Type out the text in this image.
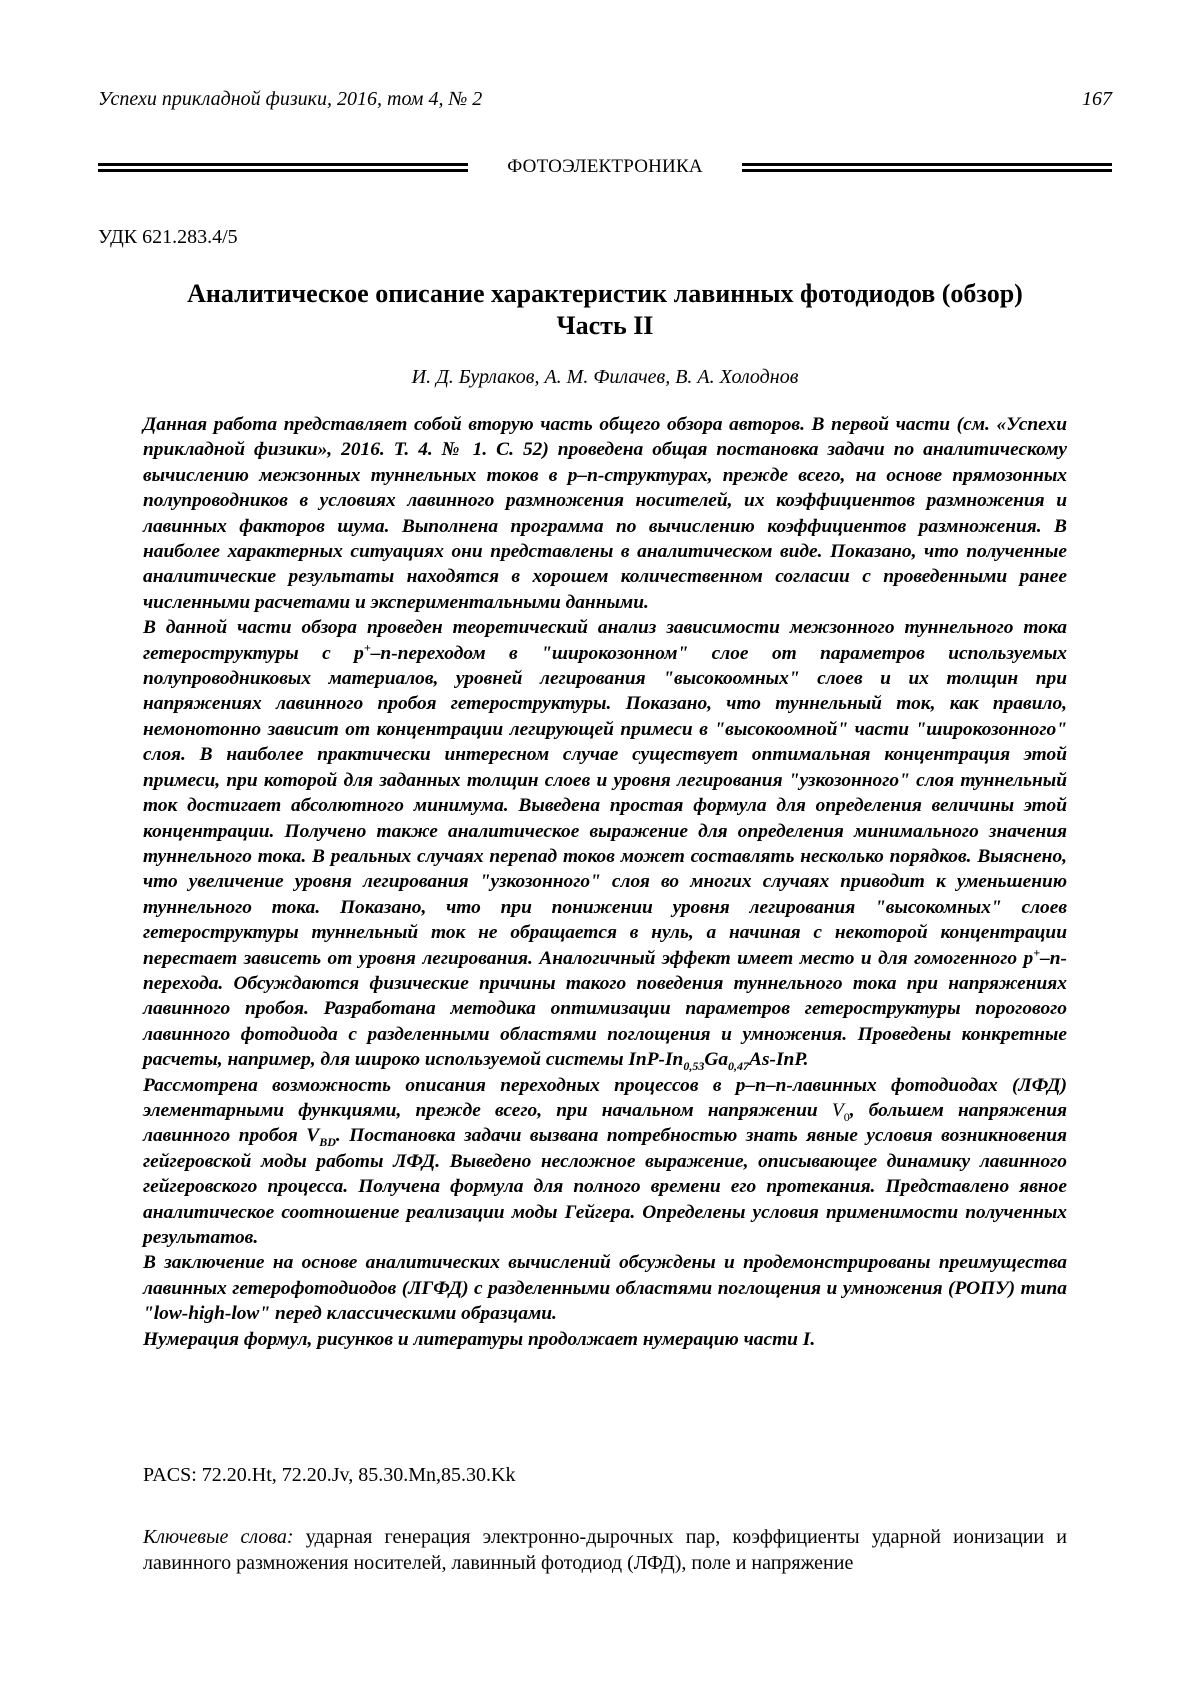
Успехи прикладной физики, 2016, том 4, № 2	167
ФОТОЭЛЕКТРОНИКА
УДК 621.283.4/5
Аналитическое описание характеристик лавинных фотодиодов (обзор)
Часть II
И. Д. Бурлаков, А. М. Филачев, В. А. Холоднов

Данная работа представляет собой вторую часть общего обзора авторов. В первой части (см. «Успехи прикладной физики», 2016. Т. 4. № 1. С. 52) проведена общая постановка задачи по аналитическому вычислению межзонных туннельных токов в p–n-структурах, прежде всего, на основе прямозонных полупроводников в условиях лавинного размножения носителей, их коэффициентов размножения и лавинных факторов шума. Выполнена программа по вычислению коэффициентов размножения. В наиболее характерных ситуациях они представлены в аналитическом виде. Показано, что полученные аналитические результаты находятся в хорошем количественном согласии с проведенными ранее численными расчетами и экспериментальными данными.

В данной части обзора проведен теоретический анализ зависимости межзонного туннельного тока гетероструктуры с p+–n-переходом в "широкозонном" слое от параметров используемых полупроводниковых материалов, уровней легирования "высокоомных" слоев и их толщин при напряжениях лавинного пробоя гетероструктуры. Показано, что туннельный ток, как правило, немонотонно зависит от концентрации легирующей примеси в "высокоомной" части "широкозонного" слоя. В наиболее практически интересном случае существует оптимальная концентрация этой примеси, при которой для заданных толщин слоев и уровня легирования "узкозонного" слоя туннельный ток достигает абсолютного минимума. Выведена простая формула для определения величины этой концентрации. Получено также аналитическое выражение для определения минимального значения туннельного тока. В реальных случаях перепад токов может составлять несколько порядков. Выяснено, что увеличение уровня легирования "узкозонного" слоя во многих случаях приводит к уменьшению туннельного тока. Показано, что при понижении уровня легирования "высокомных" слоев гетероструктуры туннельный ток не обращается в нуль, а начиная с некоторой концентрации перестает зависеть от уровня легирования. Аналогичный эффект имеет место и для гомогенного p+–n-перехода. Обсуждаются физические причины такого поведения туннельного тока при напряжениях лавинного пробоя. Разработана методика оптимизации параметров гетероструктуры порогового лавинного фотодиода с разделенными областями поглощения и умножения. Проведены конкретные расчеты, например, для широко используемой системы InP-$In_{0,53}Ga_{0,47}As$-InP.

Рассмотрена возможность описания переходных процессов в p–n–n-лавинных фотодиодах (ЛФД) элементарными функциями, прежде всего, при начальном напряжении $V_0$, большем напряжения лавинного пробоя $V_{BD}$. Постановка задачи вызвана потребностью знать явные условия возникновения гейгеровской моды работы ЛФД. Выведено несложное выражение, описывающее динамику лавинного гейгеровского процесса. Получена формула для полного времени его протекания. Представлено явное аналитическое соотношение реализации моды Гейгера. Определены условия применимости полученных результатов.

В заключение на основе аналитических вычислений обсуждены и продемонстрированы преимущества лавинных гетерофотодиодов (ЛГФД) с разделенными областями поглощения и умножения (РОПУ) типа "low-high-low" перед классическими образцами.

Нумерация формул, рисунков и литературы продолжает нумерацию части I.

PACS: 72.20.Ht, 72.20.Jv, 85.30.Mn,85.30.Kk
Ключевые слова: ударная генерация электронно-дырочных пар, коэффициенты ударной ионизации и лавинного размножения носителей, лавинный фотодиод (ЛФД), поле и напряжение
